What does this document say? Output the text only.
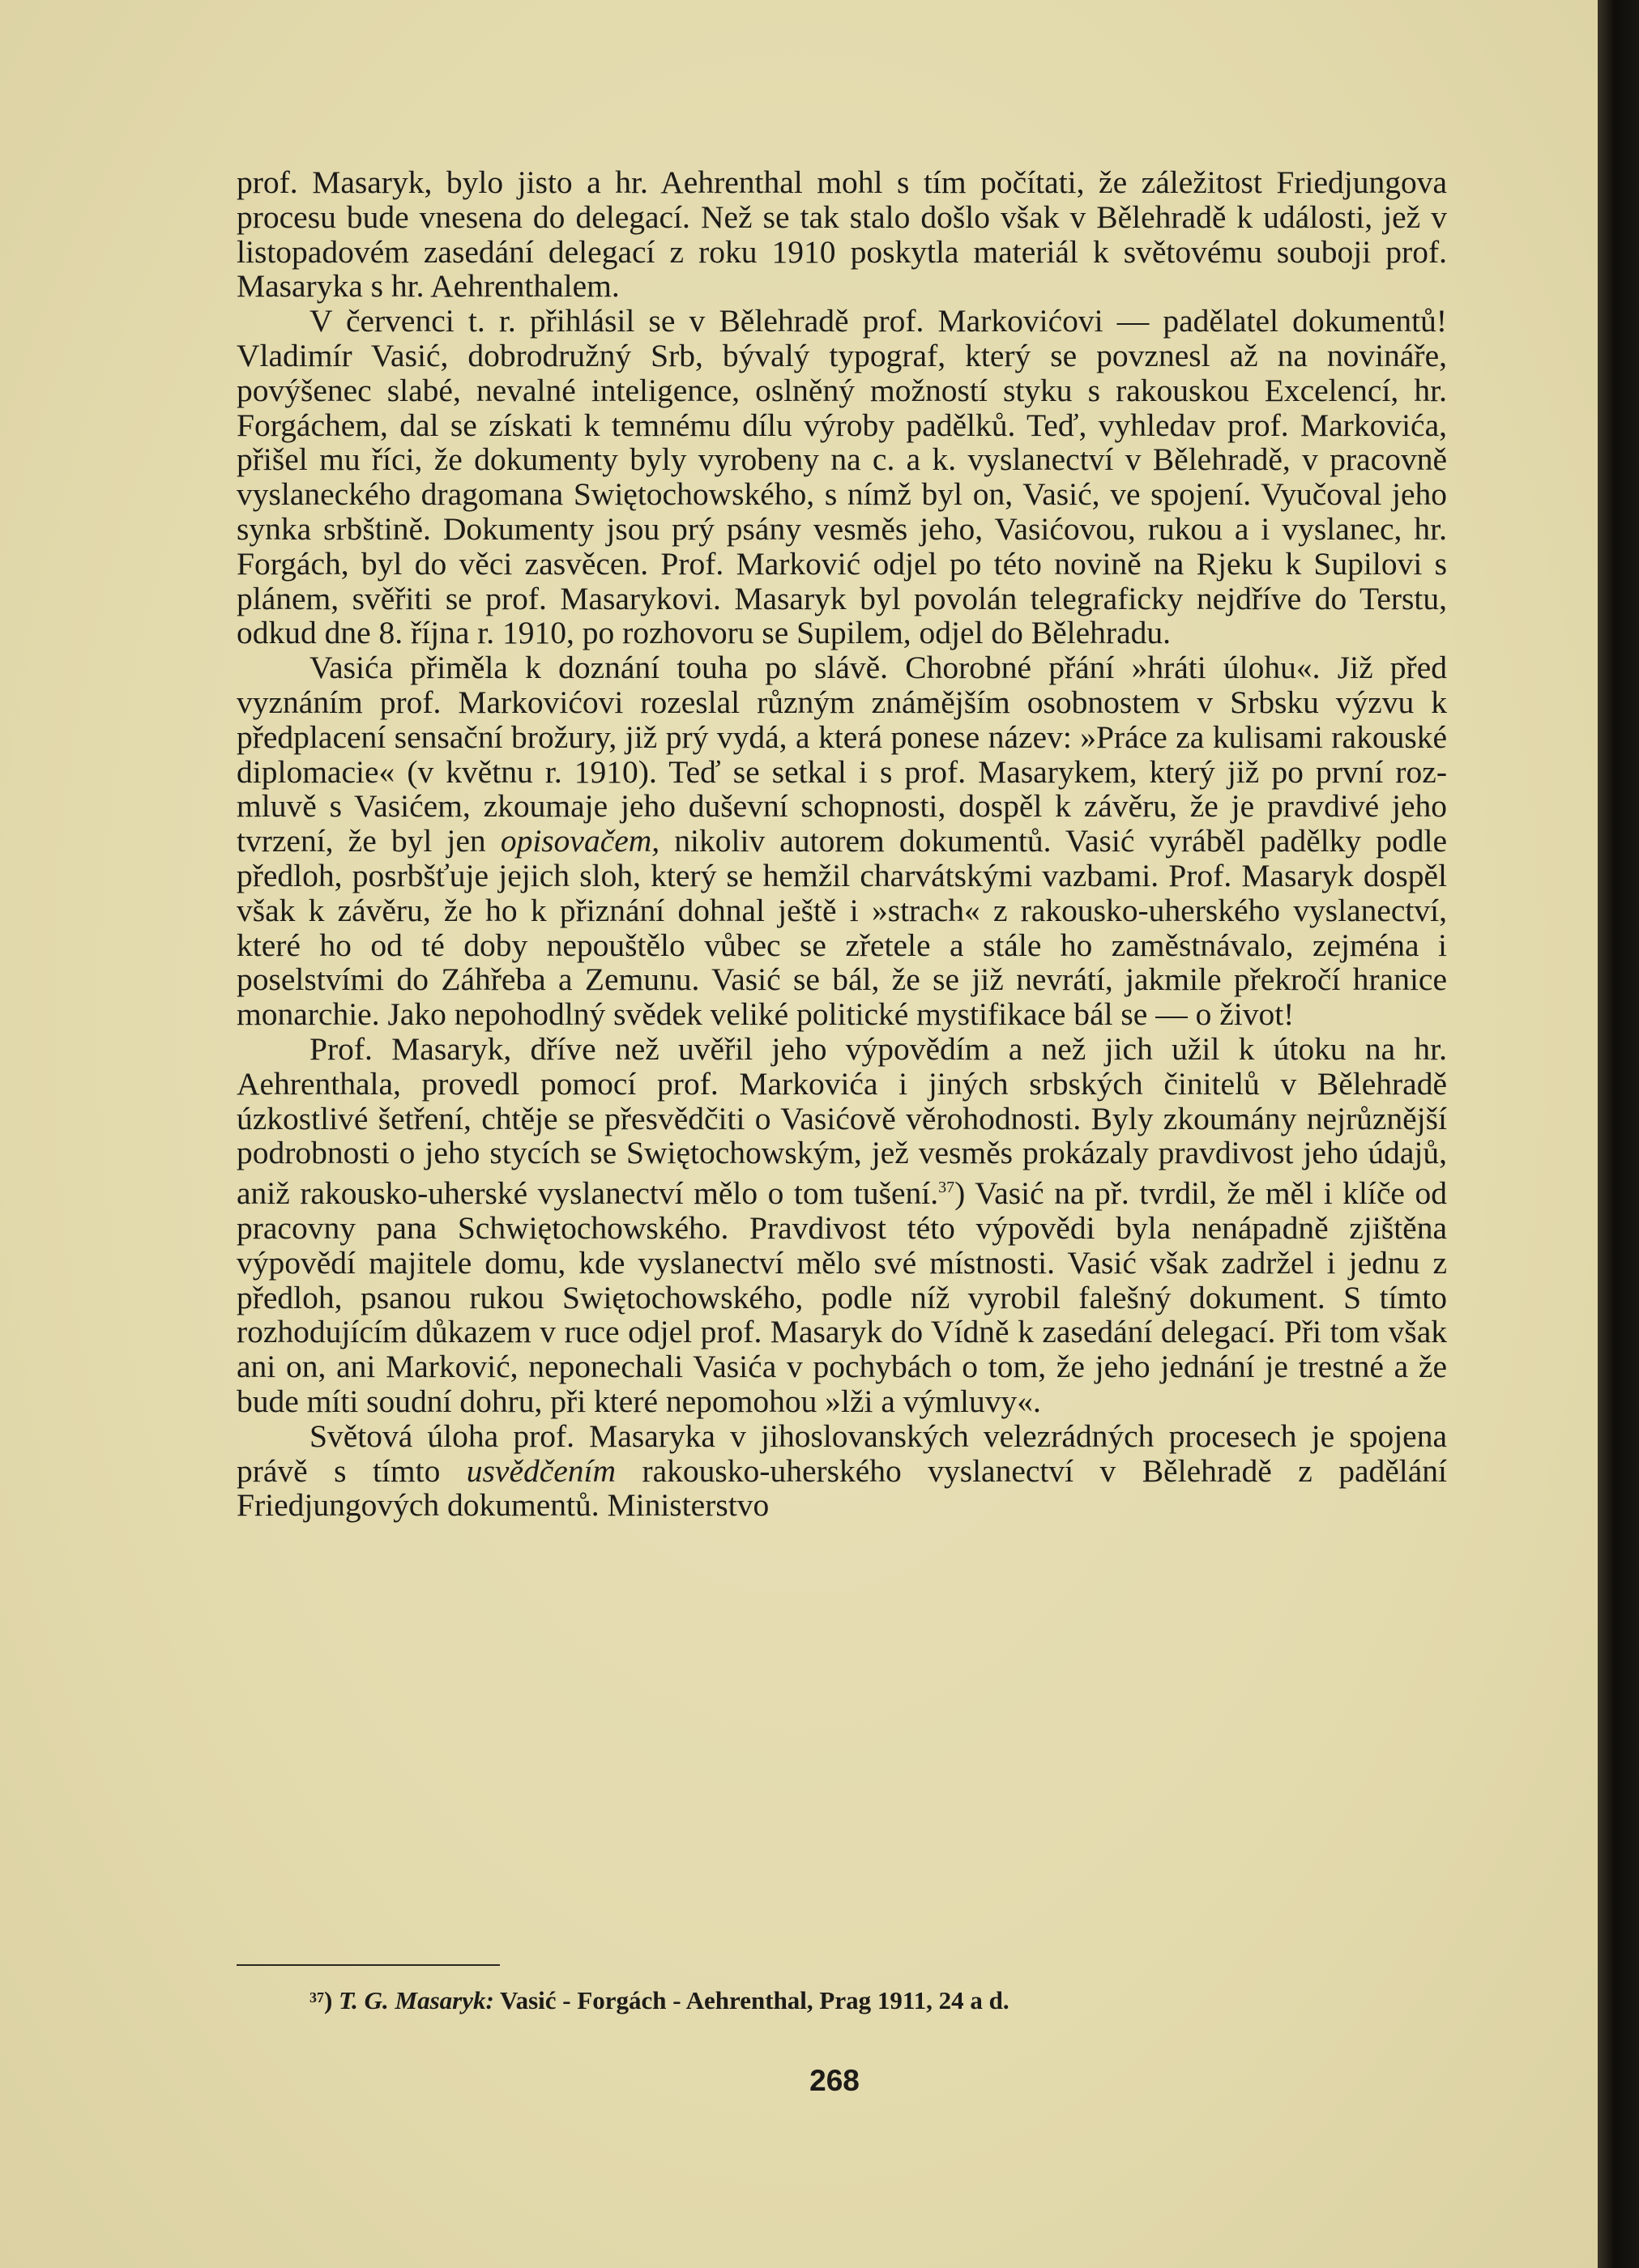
prof. Masaryk, bylo jisto a hr. Aehrenthal mohl s tím počítati, že záležitost Friedjungova procesu bude vnesena do delegací. Než se tak stalo došlo však v Bělehradě k události, jež v listopadovém zasedání delegací z roku 1910 poskytla materiál k světovému souboji prof. Masaryka s hr. Aehrenthalem.

V červenci t. r. přihlásil se v Bělehradě prof. Markovićovi — padělatel dokumentů! Vladimír Vasić, dobrodružný Srb, bývalý typograf, který se povznesl až na novináře, povýšenec slabé, nevalné inteligence, oslněný možností styku s rakouskou Excelencí, hr. Forgáchem, dal se získati k temnému dílu výroby padělků. Teď, vyhledav prof. Markovića, přišel mu říci, že dokumenty byly vyrobeny na c. a k. vyslanectví v Bělehradě, v pracovně vyslaneckého dragomana Swiętochowského, s nímž byl on, Vasić, ve spojení. Vyučoval jeho synka srbštině. Dokumenty jsou prý psány vesměs jeho, Vasićovou, rukou a i vyslanec, hr. Forgách, byl do věci zasvěcen. Prof. Marković odjel po této novině na Rjeku k Supilovi s plánem, svěřiti se prof. Masarykovi. Masaryk byl povolán telegraficky nejdříve do Terstu, odkud dne 8. října r. 1910, po rozhovoru se Supilem, odjel do Bělehradu.

Vasića přiměla k doznání touha po slávě. Chorobné přání »hráti úlohu«. Již před vyznáním prof. Markovićovi rozeslal různým známějším osobnostem v Srbsku výzvu k předplacení sensační brožury, již prý vydá, a která ponese název: »Práce za kulisami rakouské diplomacie« (v květnu r. 1910). Teď se setkal i s prof. Masarykem, který již po první rozmluvě s Vasićem, zkoumaje jeho duševní schopnosti, dospěl k závěru, že je pravdivé jeho tvrzení, že byl jen opisovačem, nikoliv autorem dokumentů. Vasić vyráběl padělky podle předloh, posrbšťuje jejich sloh, který se hemžil charvátskými vazbami. Prof. Masaryk dospěl však k závěru, že ho k přiznání dohnal ještě i »strach« z rakousko-uherského vyslanectví, které ho od té doby nepouštělo vůbec se zřetele a stále ho zaměstnávalo, zejména i poselstvími do Záhřeba a Zemunu. Vasić se bál, že se již nevrátí, jakmile překročí hranice monarchie. Jako nepohodlný svědek veliké politické mystifikace bál se — o život!

Prof. Masaryk, dříve než uvěřil jeho výpovědím a než jich užil k útoku na hr. Aehrenthala, provedl pomocí prof. Markovića i jiných srbských činitelů v Bělehradě úzkostlivé šetření, chtěje se přesvědčiti o Vasićově věrohodnosti. Byly zkoumány nejrůznější podrobnosti o jeho stycích se Swiętochowským, jež vesměs prokázaly pravdivost jeho údajů, aniž rakousko-uherské vyslanectví mělo o tom tušení.$^{37}$) Vasić na př. tvrdil, že měl i klíče od pracovny pana Schwiętochowského. Pravdivost této výpovědi byla nenápadně zjištěna výpovědí majitele domu, kde vyslanectví mělo své místnosti. Vasić však zadržel i jednu z předloh, psanou rukou Swiętochowského, podle níž vyrobil falešný dokument. S tímto rozhodujícím důkazem v ruce odjel prof. Masaryk do Vídně k zasedání delegací. Při tom však ani on, ani Marković, neponechali Vasića v pochybách o tom, že jeho jednání je trestné a že bude míti soudní dohru, při které nepomohou »lži a výmluvy«.

Světová úloha prof. Masaryka v jihoslovanských velezrádných procesech je spojena právě s tímto usvědčením rakousko-uherského vyslanectví v Bělehradě z padělání Friedjungových dokumentů. Ministerstvo

$^{37}$) T. G. Masaryk: Vasić - Forgách - Aehrenthal, Prag 1911, 24 a d.
268
